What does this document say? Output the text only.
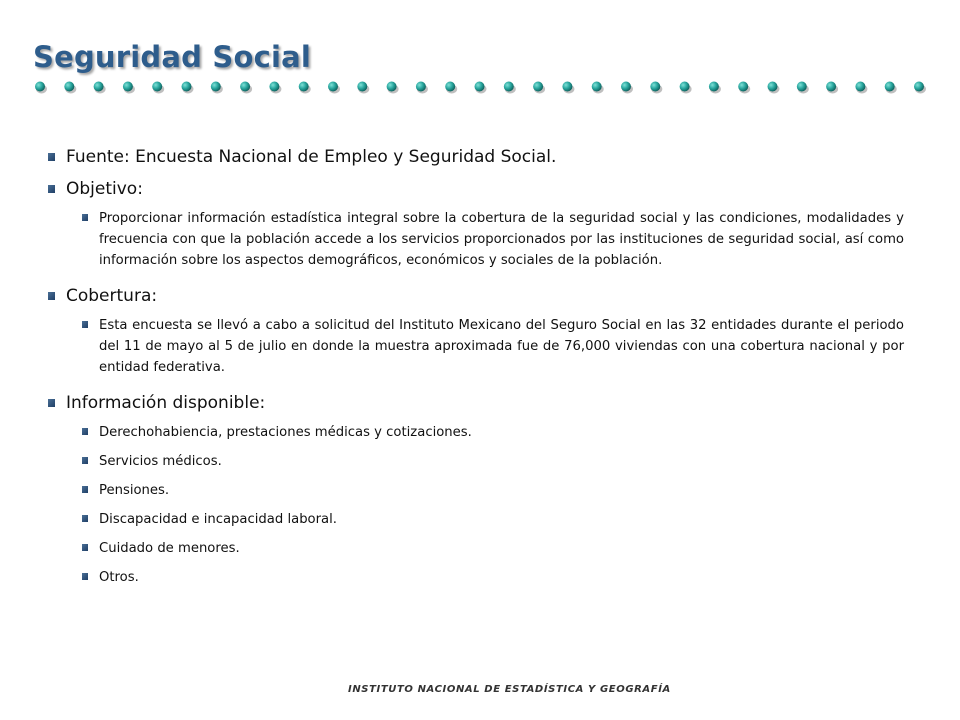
Seguridad Social
Fuente: Encuesta Nacional de Empleo y Seguridad Social.
Objetivo:
Proporcionar información estadística integral sobre la cobertura de la seguridad social y las condiciones, modalidades y frecuencia con que la población accede a los servicios proporcionados por las instituciones de seguridad social, así como información sobre los aspectos demográficos, económicos y sociales de la población.
Cobertura:
Esta encuesta se llevó a cabo a solicitud del Instituto Mexicano del Seguro Social en las 32 entidades durante el periodo del 11 de mayo al 5 de julio en donde la muestra aproximada fue de 76,000 viviendas con una cobertura nacional y por entidad federativa.
Información disponible:
Derechohabiencia, prestaciones médicas y cotizaciones.
Servicios médicos.
Pensiones.
Discapacidad e incapacidad laboral.
Cuidado de menores.
Otros.
INSTITUTO NACIONAL DE ESTADÍSTICA Y GEOGRAFÍA
